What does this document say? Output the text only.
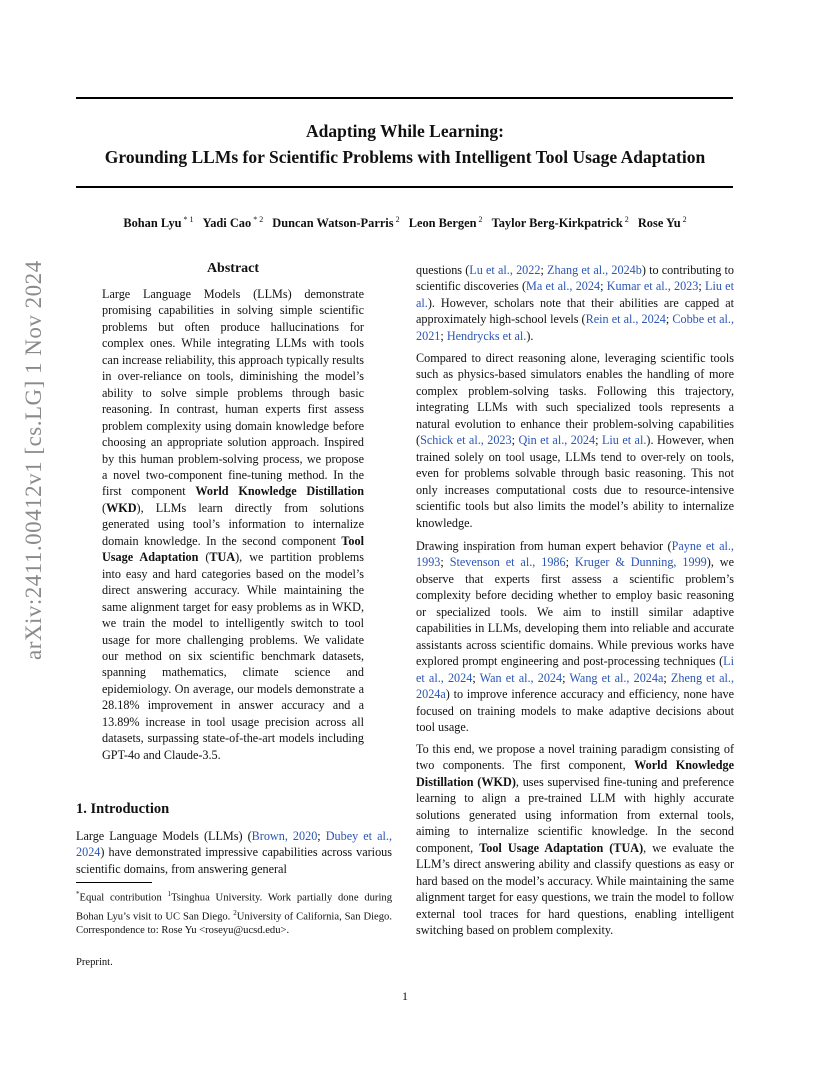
Adapting While Learning:
Grounding LLMs for Scientific Problems with Intelligent Tool Usage Adaptation
Bohan Lyu $^{* 1}$ Yadi Cao $^{* 2}$ Duncan Watson-Parris $^2$ Leon Bergen $^2$ Taylor Berg-Kirkpatrick $^2$ Rose Yu $^2$
arXiv:2411.00412v1 [cs.LG] 1 Nov 2024	Abstract
Large Language Models (LLMs) demonstrate promising capabilities in solving simple scientific problems but often produce hallucinations for complex ones. While integrating LLMs with tools can increase reliability, this approach typically results in over-reliance on tools, diminishing the model’s ability to solve simple problems through basic reasoning. In contrast, human experts first assess problem complexity using domain knowledge before choosing an appropriate solution approach. Inspired by this human problem-solving process, we propose a novel two-component fine-tuning method. In the first component World Knowledge Distillation (WKD), LLMs learn directly from solutions generated using tool’s information to internalize domain knowledge. In the second component Tool Usage Adaptation (TUA), we partition problems into easy and hard categories based on the model’s direct answering accuracy. While maintaining the same alignment target for easy problems as in WKD, we train the model to intelligently switch to tool usage for more challenging problems. We validate our method on six scientific benchmark datasets, spanning mathematics, climate science and epidemiology. On average, our models demonstrate a 28.18% improvement in answer accuracy and a 13.89% increase in tool usage precision across all datasets, surpassing state-of-the-art models including GPT-4o and Claude-3.5.
1. Introduction
Large Language Models (LLMs) (Brown, 2020; Dubey et al., 2024) have demonstrated impressive capabilities across various scientific domains, from answering general
*Equal contribution $^1$Tsinghua University. Work partially done during Bohan Lyu’s visit to UC San Diego. $^2$University of California, San Diego. Correspondence to: Rose Yu <roseyu@ucsd.edu>.
Preprint.
1
questions (Lu et al., 2022; Zhang et al., 2024b) to contributing to scientific discoveries (Ma et al., 2024; Kumar et al., 2023; Liu et al.). However, scholars note that their abilities are capped at approximately high-school levels (Rein et al., 2024; Cobbe et al., 2021; Hendrycks et al.).
Compared to direct reasoning alone, leveraging scientific tools such as physics-based simulators enables the handling of more complex problem-solving tasks. Following this trajectory, integrating LLMs with such specialized tools represents a natural evolution to enhance their problem-solving capabilities (Schick et al., 2023; Qin et al., 2024; Liu et al.). However, when trained solely on tool usage, LLMs tend to over-rely on tools, even for problems solvable through basic reasoning. This not only increases computational costs due to resource-intensive scientific tools but also limits the model’s ability to internalize knowledge.
Drawing inspiration from human expert behavior (Payne et al., 1993; Stevenson et al., 1986; Kruger & Dunning, 1999), we observe that experts first assess a scientific problem’s complexity before deciding whether to employ basic reasoning or specialized tools. We aim to instill similar adaptive capabilities in LLMs, developing them into reliable and accurate assistants across scientific domains. While previous works have explored prompt engineering and post-processing techniques (Li et al., 2024; Wan et al., 2024; Wang et al., 2024a; Zheng et al., 2024a) to improve inference accuracy and efficiency, none have focused on training models to make adaptive decisions about tool usage.
To this end, we propose a novel training paradigm consisting of two components. The first component, World Knowledge Distillation (WKD), uses supervised fine-tuning and preference learning to align a pre-trained LLM with highly accurate solutions generated using information from external tools, aiming to internalize scientific knowledge. In the second component, Tool Usage Adaptation (TUA), we evaluate the LLM’s direct answering ability and classify questions as easy or hard based on the model’s accuracy. While maintaining the same alignment target for easy questions, we train the model to follow external tool traces for hard questions, enabling intelligent switching based on problem complexity.
